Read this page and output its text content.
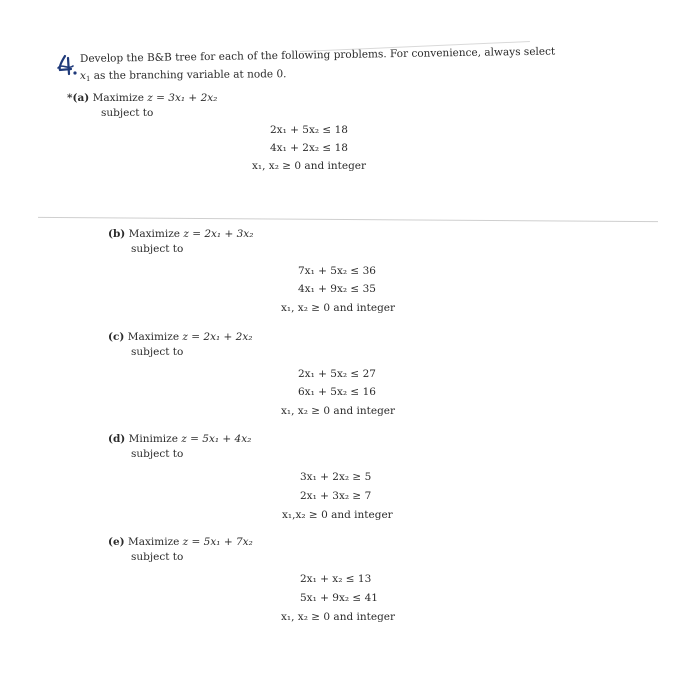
Develop the B&B tree for each of the following problems. For convenience, always select
$x_1$ as the branching variable at node 0.
*(a) Maximize z = 3x₁ + 2x₂
subject to
2x₁ + 5x₂ ≤ 18
4x₁ + 2x₂ ≤ 18
x₁, x₂ ≥ 0 and integer
(b) Maximize z = 2x₁ + 3x₂
subject to
7x₁ + 5x₂ ≤ 36
4x₁ + 9x₂ ≤ 35
x₁, x₂ ≥ 0 and integer
(c) Maximize z = 2x₁ + 2x₂
subject to
2x₁ + 5x₂ ≤ 27
6x₁ + 5x₂ ≤ 16
x₁, x₂ ≥ 0 and integer
(d) Minimize z = 5x₁ + 4x₂
subject to
3x₁ + 2x₂ ≥ 5
2x₁ + 3x₂ ≥ 7
x₁,x₂ ≥ 0 and integer
(e) Maximize z = 5x₁ + 7x₂
subject to
2x₁ + x₂ ≤ 13
5x₁ + 9x₂ ≤ 41
x₁, x₂ ≥ 0 and integer
